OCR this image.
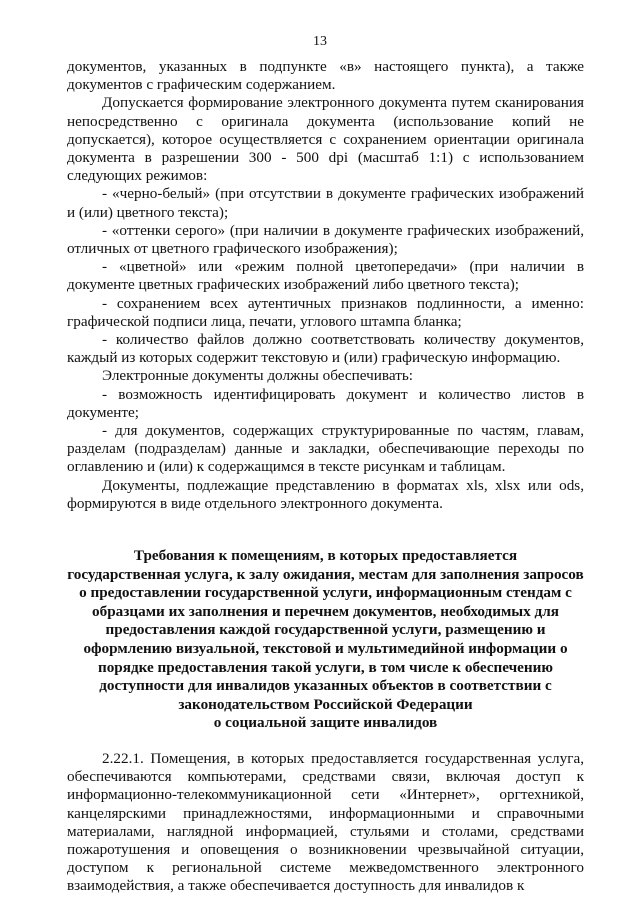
13

документов, указанных в подпункте «в» настоящего пункта), а также документов с графическим содержанием.

Допускается формирование электронного документа путем сканирования непосредственно с оригинала документа (использование копий не допускается), которое осуществляется с сохранением ориентации оригинала документа в разрешении 300 - 500 dpi (масштаб 1:1) с использованием следующих режимов:

- «черно-белый» (при отсутствии в документе графических изображений и (или) цветного текста);

- «оттенки серого» (при наличии в документе графических изображений, отличных от цветного графического изображения);

- «цветной» или «режим полной цветопередачи» (при наличии в документе цветных графических изображений либо цветного текста);

- сохранением всех аутентичных признаков подлинности, а именно: графической подписи лица, печати, углового штампа бланка;

- количество файлов должно соответствовать количеству документов, каждый из которых содержит текстовую и (или) графическую информацию.

Электронные документы должны обеспечивать:

- возможность идентифицировать документ и количество листов в документе;

- для документов, содержащих структурированные по частям, главам, разделам (подразделам) данные и закладки, обеспечивающие переходы по оглавлению и (или) к содержащимся в тексте рисункам и таблицам.

Документы, подлежащие представлению в форматах xls, xlsx или ods, формируются в виде отдельного электронного документа.

Требования к помещениям, в которых предоставляется
государственная услуга, к залу ожидания, местам для заполнения запросов
о предоставлении государственной услуги, информационным стендам с
образцами их заполнения и перечнем документов, необходимых для
предоставления каждой государственной услуги, размещению и
оформлению визуальной, текстовой и мультимедийной информации о
порядке предоставления такой услуги, в том числе к обеспечению
доступности для инвалидов указанных объектов в соответствии с
законодательством Российской Федерации
о социальной защите инвалидов

2.22.1. Помещения, в которых предоставляется государственная услуга, обеспечиваются компьютерами, средствами связи, включая доступ к информационно-телекоммуникационной сети «Интернет», оргтехникой, канцелярскими принадлежностями, информационными и справочными материалами, наглядной информацией, стульями и столами, средствами пожаротушения и оповещения о возникновении чрезвычайной ситуации, доступом к региональной системе межведомственного электронного взаимодействия, а также обеспечивается доступность для инвалидов к
